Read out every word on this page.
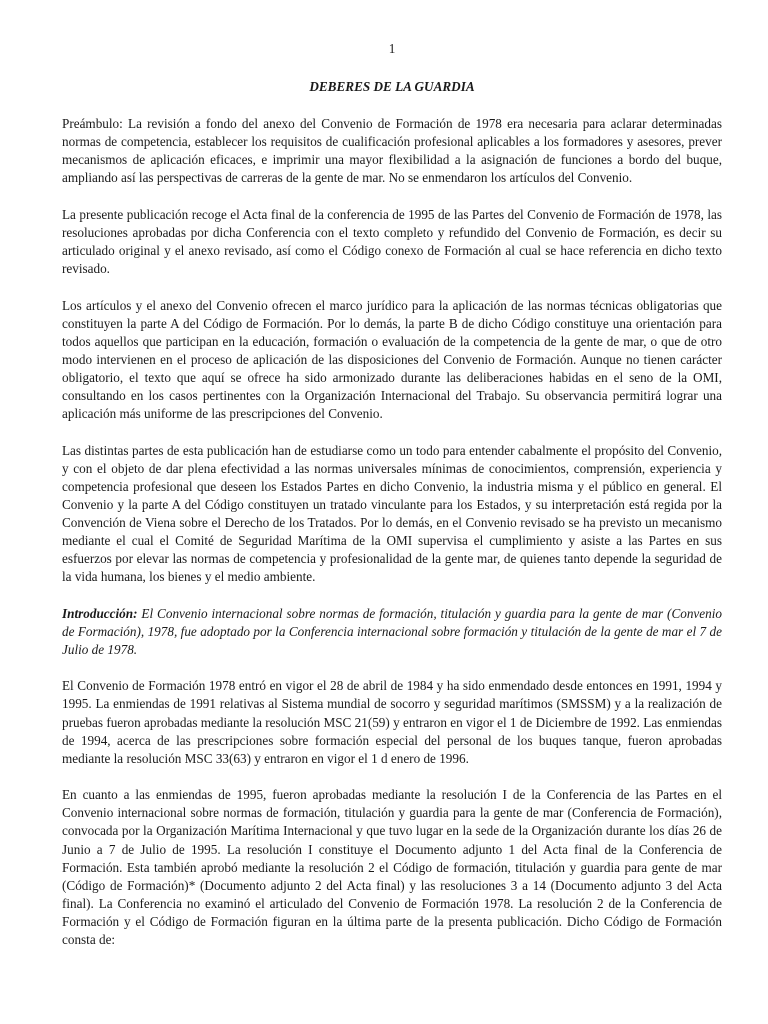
1
DEBERES DE LA GUARDIA

Preámbulo: La revisión a fondo del anexo del Convenio de Formación de 1978 era necesaria para aclarar determinadas normas de competencia, establecer los requisitos de cualificación profesional aplicables a los formadores y asesores, prever mecanismos de aplicación eficaces, e imprimir una mayor flexibilidad a la asignación de funciones a bordo del buque, ampliando así las perspectivas de carreras de la gente de mar. No se enmendaron los artículos del Convenio.

La presente publicación recoge el Acta final de la conferencia de 1995 de las Partes del Convenio de Formación de 1978, las resoluciones aprobadas por dicha Conferencia con el texto completo y refundido del Convenio de Formación, es decir su articulado original y el anexo revisado, así como el Código conexo de Formación al cual se hace referencia en dicho texto revisado.

Los artículos y el anexo del Convenio ofrecen el marco jurídico para la aplicación de las normas técnicas obligatorias que constituyen la parte A del Código de Formación. Por lo demás, la parte B de dicho Código constituye una orientación para todos aquellos que participan en la educación, formación o evaluación de la competencia de la gente de mar, o que de otro modo intervienen en el proceso de aplicación de las disposiciones del Convenio de Formación. Aunque no tienen carácter obligatorio, el texto que aquí se ofrece ha sido armonizado durante las deliberaciones habidas en el seno de la OMI, consultando en los casos pertinentes con la Organización Internacional del Trabajo. Su observancia permitirá lograr una aplicación más uniforme de las prescripciones del Convenio.

Las distintas partes de esta publicación han de estudiarse como un todo para entender cabalmente el propósito del Convenio, y con el objeto de dar plena efectividad a las normas universales mínimas de conocimientos, comprensión, experiencia y competencia profesional que deseen los Estados Partes en dicho Convenio, la industria misma y el público en general. El Convenio y la parte A del Código constituyen un tratado vinculante para los Estados, y su interpretación está regida por la Convención de Viena sobre el Derecho de los Tratados. Por lo demás, en el Convenio revisado se ha previsto un mecanismo mediante el cual el Comité de Seguridad Marítima de la OMI supervisa el cumplimiento y asiste a las Partes en sus esfuerzos por elevar las normas de competencia y profesionalidad de la gente mar, de quienes tanto depende la seguridad de la vida humana, los bienes y el medio ambiente.

Introducción: El Convenio internacional sobre normas de formación, titulación y guardia para la gente de mar (Convenio de Formación), 1978, fue adoptado por la Conferencia internacional sobre formación y titulación de la gente de mar el 7 de Julio de 1978.

El Convenio de Formación 1978 entró en vigor el 28 de abril de 1984 y ha sido enmendado desde entonces en 1991, 1994 y 1995. La enmiendas de 1991 relativas al Sistema mundial de socorro y seguridad marítimos (SMSSM) y a la realización de pruebas fueron aprobadas mediante la resolución MSC 21(59) y entraron en vigor el 1 de Diciembre de 1992. Las enmiendas de 1994, acerca de las prescripciones sobre formación especial del personal de los buques tanque, fueron aprobadas mediante la resolución MSC 33(63) y entraron en vigor el 1 d enero de 1996.

En cuanto a las enmiendas de 1995, fueron aprobadas mediante la resolución I de la Conferencia de las Partes en el Convenio internacional sobre normas de formación, titulación y guardia para la gente de mar (Conferencia de Formación), convocada por la Organización Marítima Internacional y que tuvo lugar en la sede de la Organización durante los días 26 de Junio a 7 de Julio de 1995. La resolución I constituye el Documento adjunto 1 del Acta final de la Conferencia de Formación. Esta también aprobó mediante la resolución 2 el Código de formación, titulación y guardia para gente de mar (Código de Formación)* (Documento adjunto 2 del Acta final) y las resoluciones 3 a 14 (Documento adjunto 3 del Acta final). La Conferencia no examinó el articulado del Convenio de Formación 1978. La resolución 2 de la Conferencia de Formación y el Código de Formación figuran en la última parte de la presenta publicación. Dicho Código de Formación consta de:
